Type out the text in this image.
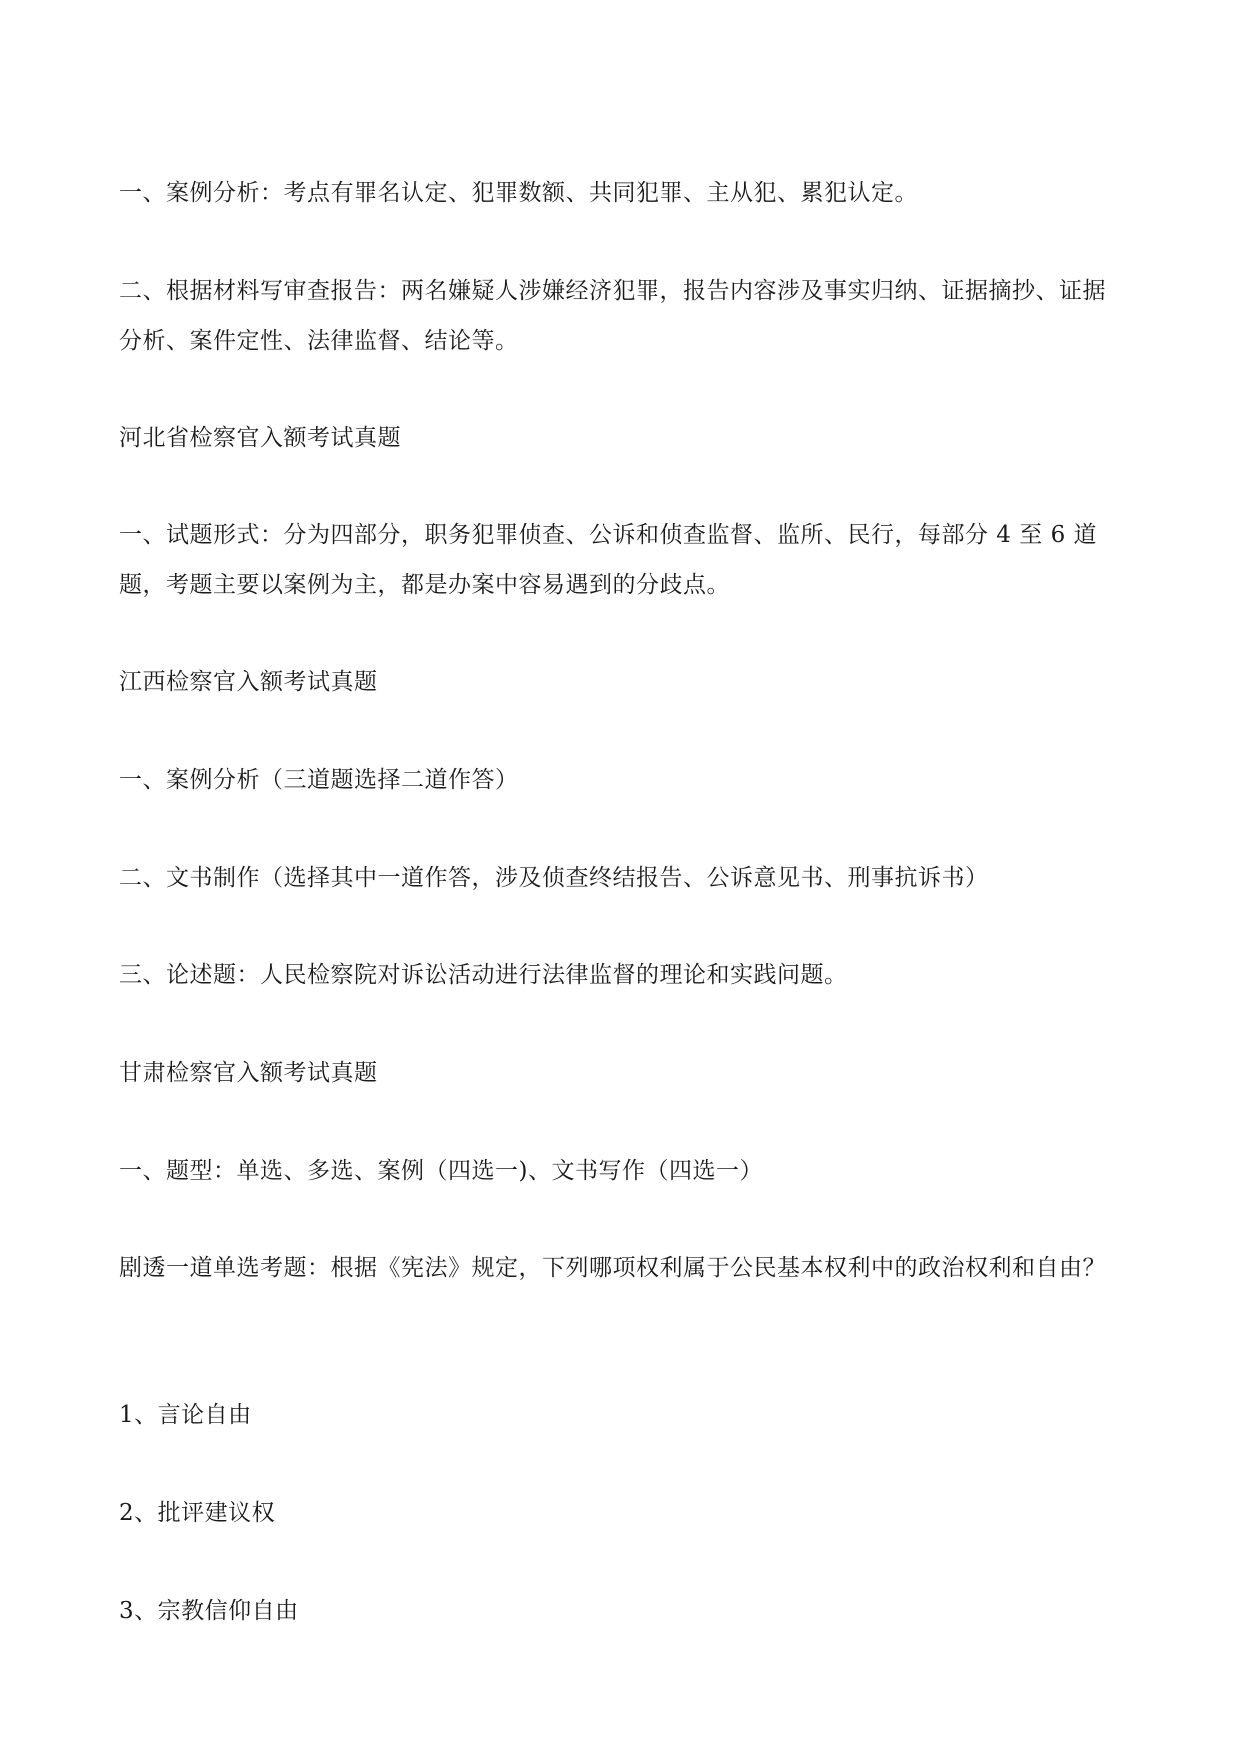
一、案例分析：考点有罪名认定、犯罪数额、共同犯罪、主从犯、累犯认定。

二、根据材料写审查报告：两名嫌疑人涉嫌经济犯罪，报告内容涉及事实归纳、证据摘抄、证据分析、案件定性、法律监督、结论等。

河北省检察官入额考试真题

一、试题形式：分为四部分，职务犯罪侦查、公诉和侦查监督、监所、民行，每部分 4 至 6 道题，考题主要以案例为主，都是办案中容易遇到的分歧点。

江西检察官入额考试真题

一、案例分析（三道题选择二道作答）

二、文书制作（选择其中一道作答，涉及侦查终结报告、公诉意见书、刑事抗诉书）

三、论述题：人民检察院对诉讼活动进行法律监督的理论和实践问题。

甘肃检察官入额考试真题

一、题型：单选、多选、案例（四选一)、文书写作（四选一）

剧透一道单选考题：根据《宪法》规定，下列哪项权利属于公民基本权利中的政治权利和自由？

1、言论自由

2、批评建议权

3、宗教信仰自由
